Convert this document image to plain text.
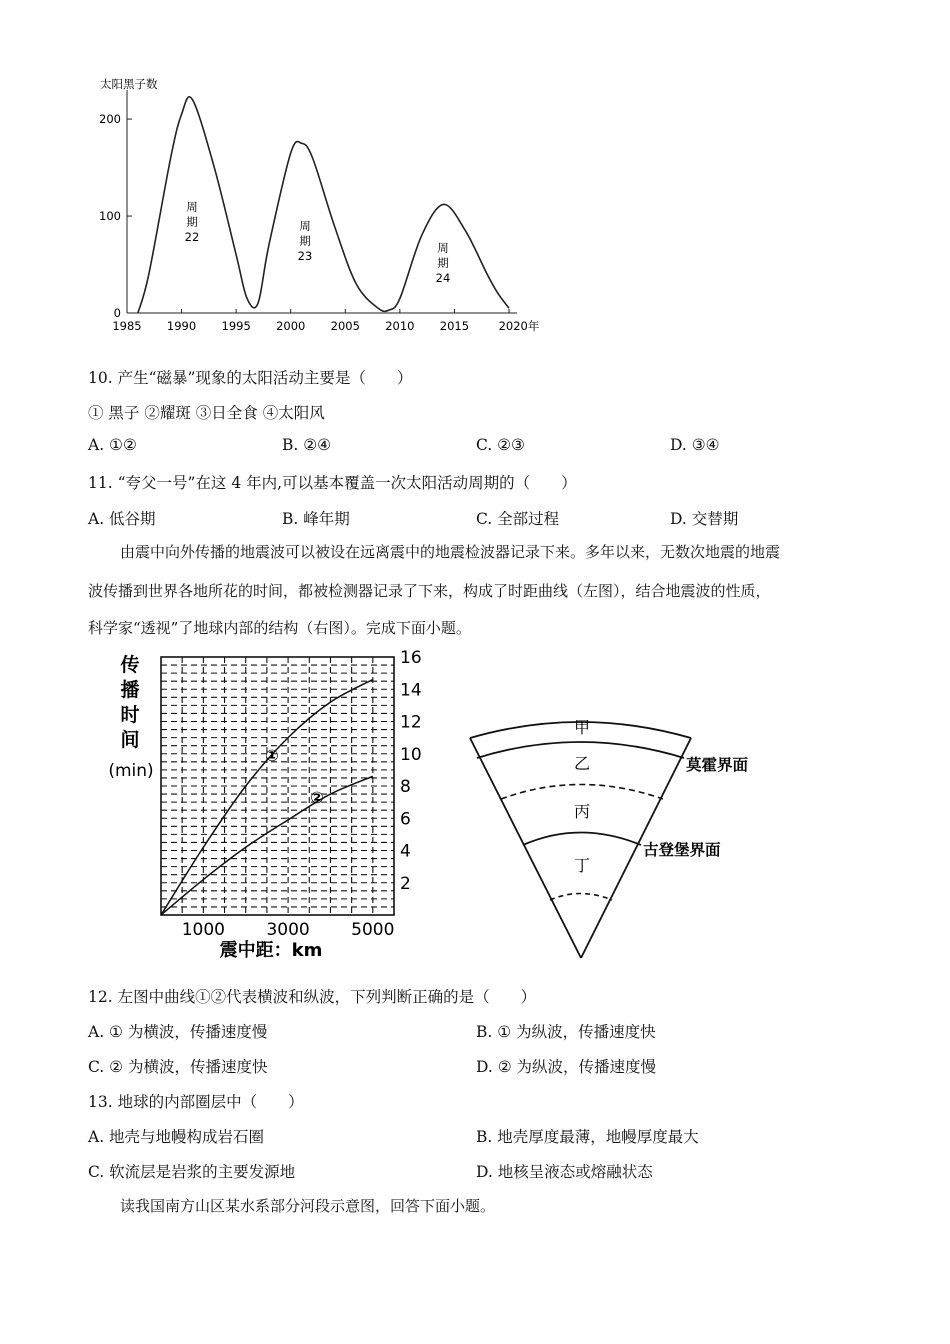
太阳黑子数
200
100
0
1985 1990 1995 2000 2005 2010 2015	2020年
周
期
22
周
期
23
周
期
24
10. 产生“磁暴”现象的太阳活动主要是（　　）
① 黑子 ②耀斑 ③日全食 ④太阳风
A. ①②	B. ②④	C. ②③	D. ③④
11. “夸父一号”在这 4 年内,可以基本覆盖一次太阳活动周期的（　　）
A. 低谷期	B. 峰年期	C. 全部过程	D. 交替期
由震中向外传播的地震波可以被设在远离震中的地震检波器记录下来。多年以来，无数次地震的地震
波传播到世界各地所花的时间，都被检测器记录了下来，构成了时距曲线（左图），结合地震波的性质，
科学家“透视”了地球内部的结构（右图）。完成下面小题。
传
播
时
间
(min)
16
14
12
10
8
6
4
2
1000 3000 5000
①
②
震中距：km
甲
乙
丙
丁
莫霍界面
古登堡界面
12. 左图中曲线①②代表横波和纵波，下列判断正确的是（　　）
A. ① 为横波，传播速度慢	B. ① 为纵波，传播速度快
C. ② 为横波，传播速度快	D. ② 为纵波，传播速度慢
13. 地球的内部圈层中（　　）
A. 地壳与地幔构成岩石圈	B. 地壳厚度最薄，地幔厚度最大
C. 软流层是岩浆的主要发源地	D. 地核呈液态或熔融状态
读我国南方山区某水系部分河段示意图，回答下面小题。
